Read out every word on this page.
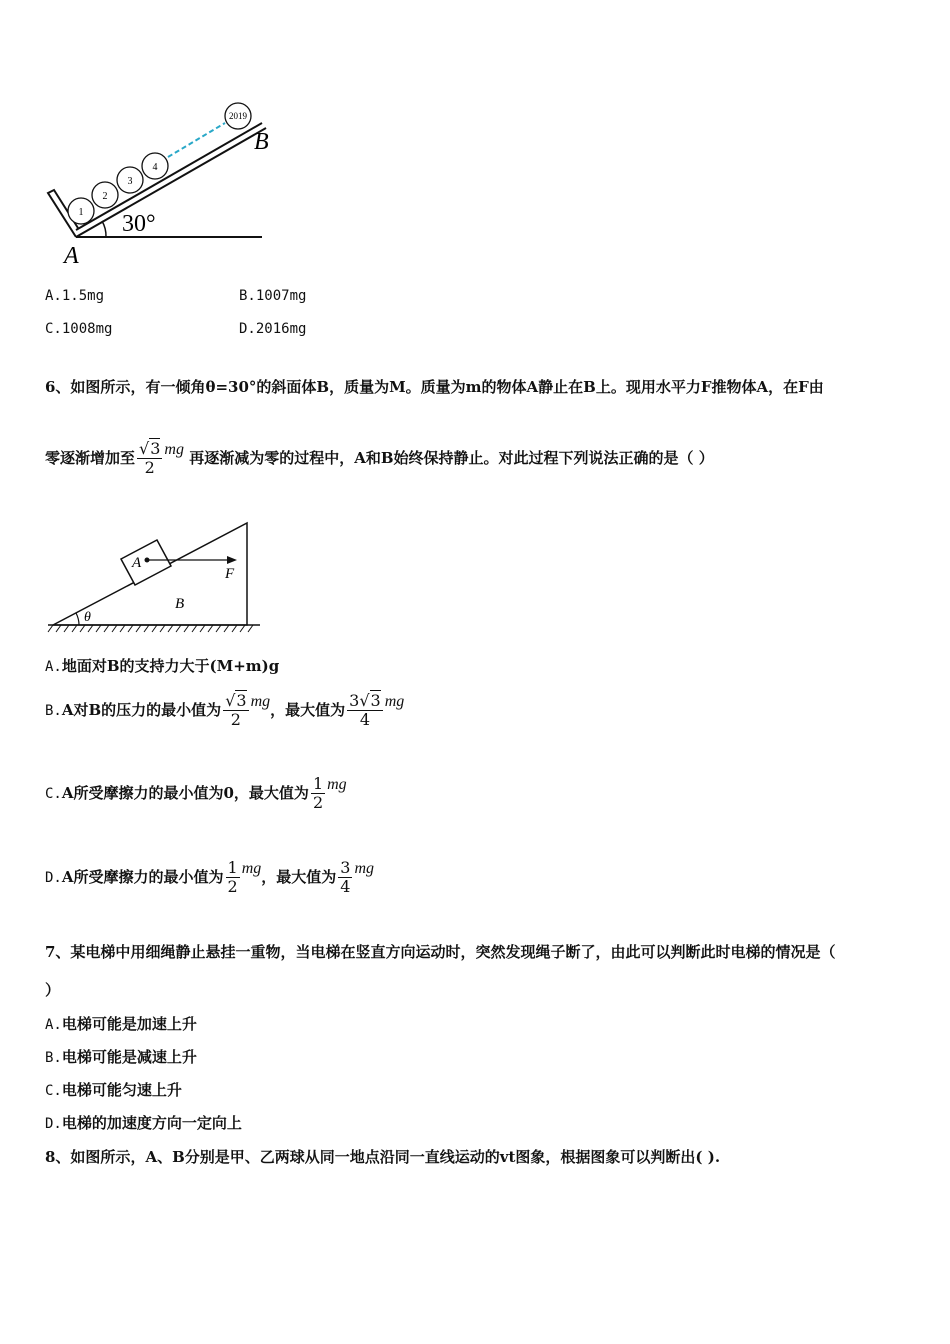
1
2
3
4
2019
B
30°
A
A.1.5mg	B.1007mg
C.1008mg	D.2016mg
6、如图所示，有一倾角θ=30°的斜面体B，质量为M。质量为m的物体A静止在B上。现用水平力F推物体A，在F由
零逐渐增加至 $\frac{√3}{2}$ mg 再逐渐减为零的过程中，A和B始终保持静止。对此过程下列说法正确的是（ ）
A
F
B
θ
A.地面对B的支持力大于(M+m)g
B.A对B的压力的最小值为 $\frac{√3}{2}$ mg，最大值为 $\frac{3√3}{4}$ mg
C.A所受摩擦力的最小值为0，最大值为 $\frac{1}{2}$ mg
D.A所受摩擦力的最小值为 $\frac{1}{2}$ mg，最大值为 $\frac{3}{4}$ mg
7、某电梯中用细绳静止悬挂一重物，当电梯在竖直方向运动时，突然发现绳子断了，由此可以判断此时电梯的情况是（
）
A.电梯可能是加速上升
B.电梯可能是减速上升
C.电梯可能匀速上升
D.电梯的加速度方向一定向上
8、如图所示，A、B分别是甲、乙两球从同一地点沿同一直线运动的vt图象，根据图象可以判断出( ).
